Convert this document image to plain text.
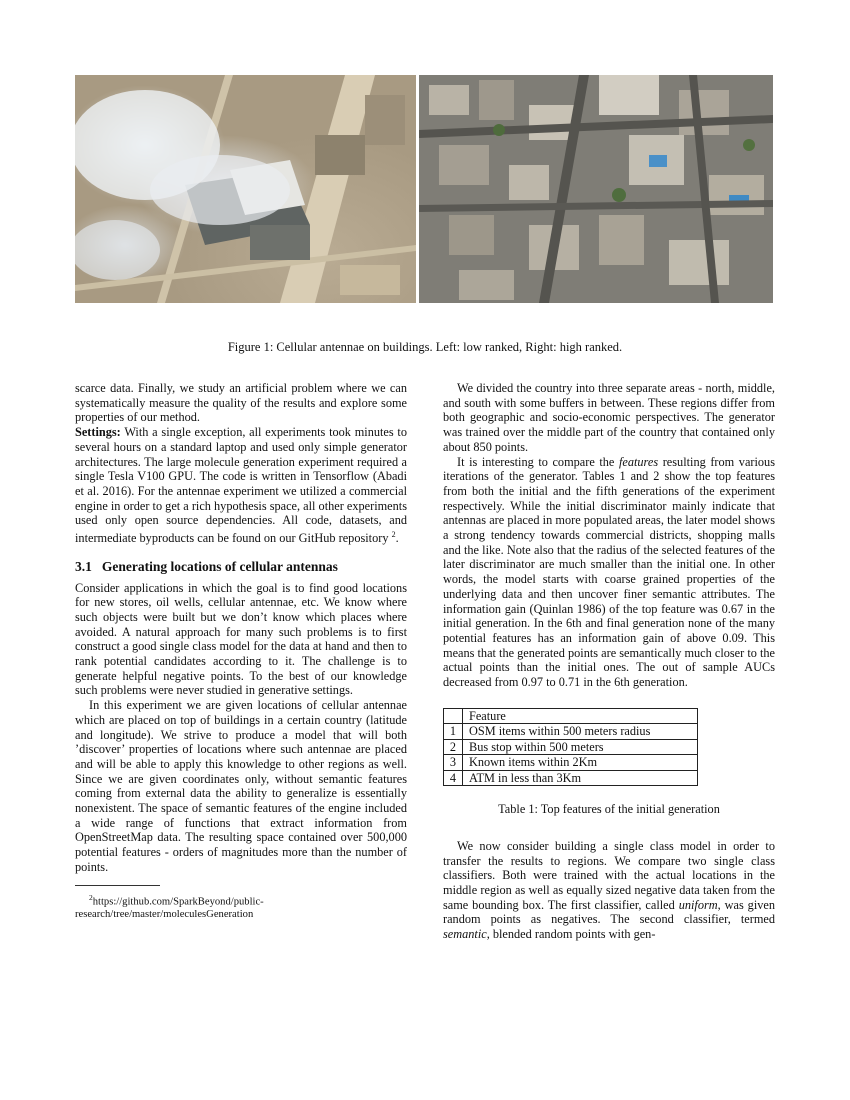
Figure 1: Cellular antennae on buildings. Left: low ranked, Right: high ranked.

scarce data. Finally, we study an artificial problem where we can systematically measure the quality of the results and explore some properties of our method.

Settings: With a single exception, all experiments took minutes to several hours on a standard laptop and used only simple generator architectures. The large molecule generation experiment required a single Tesla V100 GPU. The code is written in Tensorflow (Abadi et al. 2016). For the antennae experiment we utilized a commercial engine in order to get a rich hypothesis space, all other experiments used only open source dependencies. All code, datasets, and intermediate byproducts can be found on our GitHub repository $^2$.

3.1 Generating locations of cellular antennas

Consider applications in which the goal is to find good locations for new stores, oil wells, cellular antennae, etc. We know where such objects were built but we don’t know which places where avoided. A natural approach for many such problems is to first construct a good single class model for the data at hand and then to rank potential candidates according to it. The challenge is to generate helpful negative points. To the best of our knowledge such problems were never studied in generative settings.

In this experiment we are given locations of cellular antennae which are placed on top of buildings in a certain country (latitude and longitude). We strive to produce a model that will both ’discover’ properties of locations where such antennae are placed and will be able to apply this knowledge to other regions as well. Since we are given coordinates only, without semantic features coming from external data the ability to generalize is essentially nonexistent. The space of semantic features of the engine included a wide range of functions that extract information from OpenStreetMap data. The resulting space contained over 500,000 potential features - orders of magnitudes more than the number of points.

$^2$https://github.com/SparkBeyond/public-
research/tree/master/moleculesGeneration

We divided the country into three separate areas - north, middle, and south with some buffers in between. These regions differ from both geographic and socio-economic perspectives. The generator was trained over the middle part of the country that contained only about 850 points.

It is interesting to compare the features resulting from various iterations of the generator. Tables 1 and 2 show the top features from both the initial and the fifth generations of the experiment respectively. While the initial discriminator mainly indicate that antennas are placed in more populated areas, the later model shows a strong tendency towards commercial districts, shopping malls and the like. Note also that the radius of the selected features of the later discriminator are much smaller than the initial one. In other words, the model starts with coarse grained properties of the underlying data and then uncover finer semantic attributes. The information gain (Quinlan 1986) of the top feature was 0.67 in the initial generation. In the 6th and final generation none of the many potential features has an information gain of above 0.09. This means that the generated points are semantically much closer to the actual points than the initial ones. The out of sample AUCs decreased from 0.97 to 0.71 in the 6th generation.

	Feature
1	OSM items within 500 meters radius
2	Bus stop within 500 meters
3	Known items within 2Km
4	ATM in less than 3Km
Table 1: Top features of the initial generation

We now consider building a single class model in order to transfer the results to regions. We compare two single class classifiers. Both were trained with the actual locations in the middle region as well as equally sized negative data taken from the same bounding box. The first classifier, called uniform, was given random points as negatives. The second classifier, termed semantic, blended random points with gen-
